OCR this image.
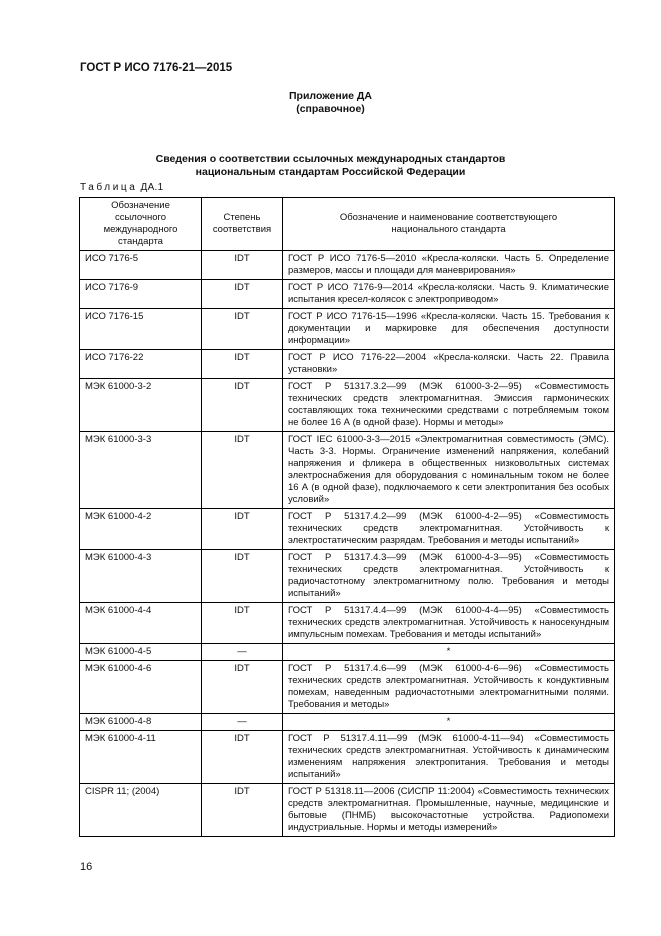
ГОСТ Р ИСО 7176-21—2015
Приложение ДА
(справочное)
Сведения о соответствии ссылочных международных стандартов
национальным стандартам Российской Федерации
Таблица ДА.1
Обозначение ссылочного международного стандарта	Степень соответствия	Обозначение и наименование соответствующего национального стандарта
ИСО 7176-5	IDT	ГОСТ Р ИСО 7176-5—2010 «Кресла-коляски. Часть 5. Определение размеров, массы и площади для маневрирования»
ИСО 7176-9	IDT	ГОСТ Р ИСО 7176-9—2014 «Кресла-коляски. Часть 9. Климатические испытания кресел-колясок с электроприводом»
ИСО 7176-15	IDT	ГОСТ Р ИСО 7176-15—1996 «Кресла-коляски. Часть 15. Требования к документации и маркировке для обеспечения доступности информации»
ИСО 7176-22	IDT	ГОСТ Р ИСО 7176-22—2004 «Кресла-коляски. Часть 22. Правила установки»
МЭК 61000-3-2	IDT	ГОСТ Р 51317.3.2—99 (МЭК 61000-3-2—95) «Совместимость технических средств электромагнитная. Эмиссия гармонических составляющих тока техническими средствами с потребляемым током не более 16 А (в одной фазе). Нормы и методы»
МЭК 61000-3-3	IDT	ГОСТ IEC 61000-3-3—2015 «Электромагнитная совместимость (ЭМС). Часть 3-3. Нормы. Ограничение изменений напряжения, колебаний напряжения и фликера в общественных низковольтных системах электроснабжения для оборудования с номинальным током не более 16 А (в одной фазе), подключаемого к сети электропитания без особых условий»
МЭК 61000-4-2	IDT	ГОСТ Р 51317.4.2—99 (МЭК 61000-4-2—95) «Совместимость технических средств электромагнитная. Устойчивость к электростатическим разрядам. Требования и методы испытаний»
МЭК 61000-4-3	IDT	ГОСТ Р 51317.4.3—99 (МЭК 61000-4-3—95) «Совместимость технических средств электромагнитная. Устойчивость к радиочастотному электромагнитному полю. Требования и методы испытаний»
МЭК 61000-4-4	IDT	ГОСТ Р 51317.4.4—99 (МЭК 61000-4-4—95) «Совместимость технических средств электромагнитная. Устойчивость к наносекундным импульсным помехам. Требования и методы испытаний»
МЭК 61000-4-5	—	*
МЭК 61000-4-6	IDT	ГОСТ Р 51317.4.6—99 (МЭК 61000-4-6—96) «Совместимость технических средств электромагнитная. Устойчивость к кондуктивным помехам, наведенным радиочастотными электромагнитными полями. Требования и методы»
МЭК 61000-4-8	—	*
МЭК 61000-4-11	IDT	ГОСТ Р 51317.4.11—99 (МЭК 61000-4-11—94) «Совместимость технических средств электромагнитная. Устойчивость к динамическим изменениям напряжения электропитания. Требования и методы испытаний»
CISPR 11; (2004)	IDT	ГОСТ Р 51318.11—2006 (СИСПР 11:2004) «Совместимость технических средств электромагнитная. Промышленные, научные, медицинские и бытовые (ПНМБ) высокочастотные устройства. Радиопомехи индустриальные. Нормы и методы измерений»
16
